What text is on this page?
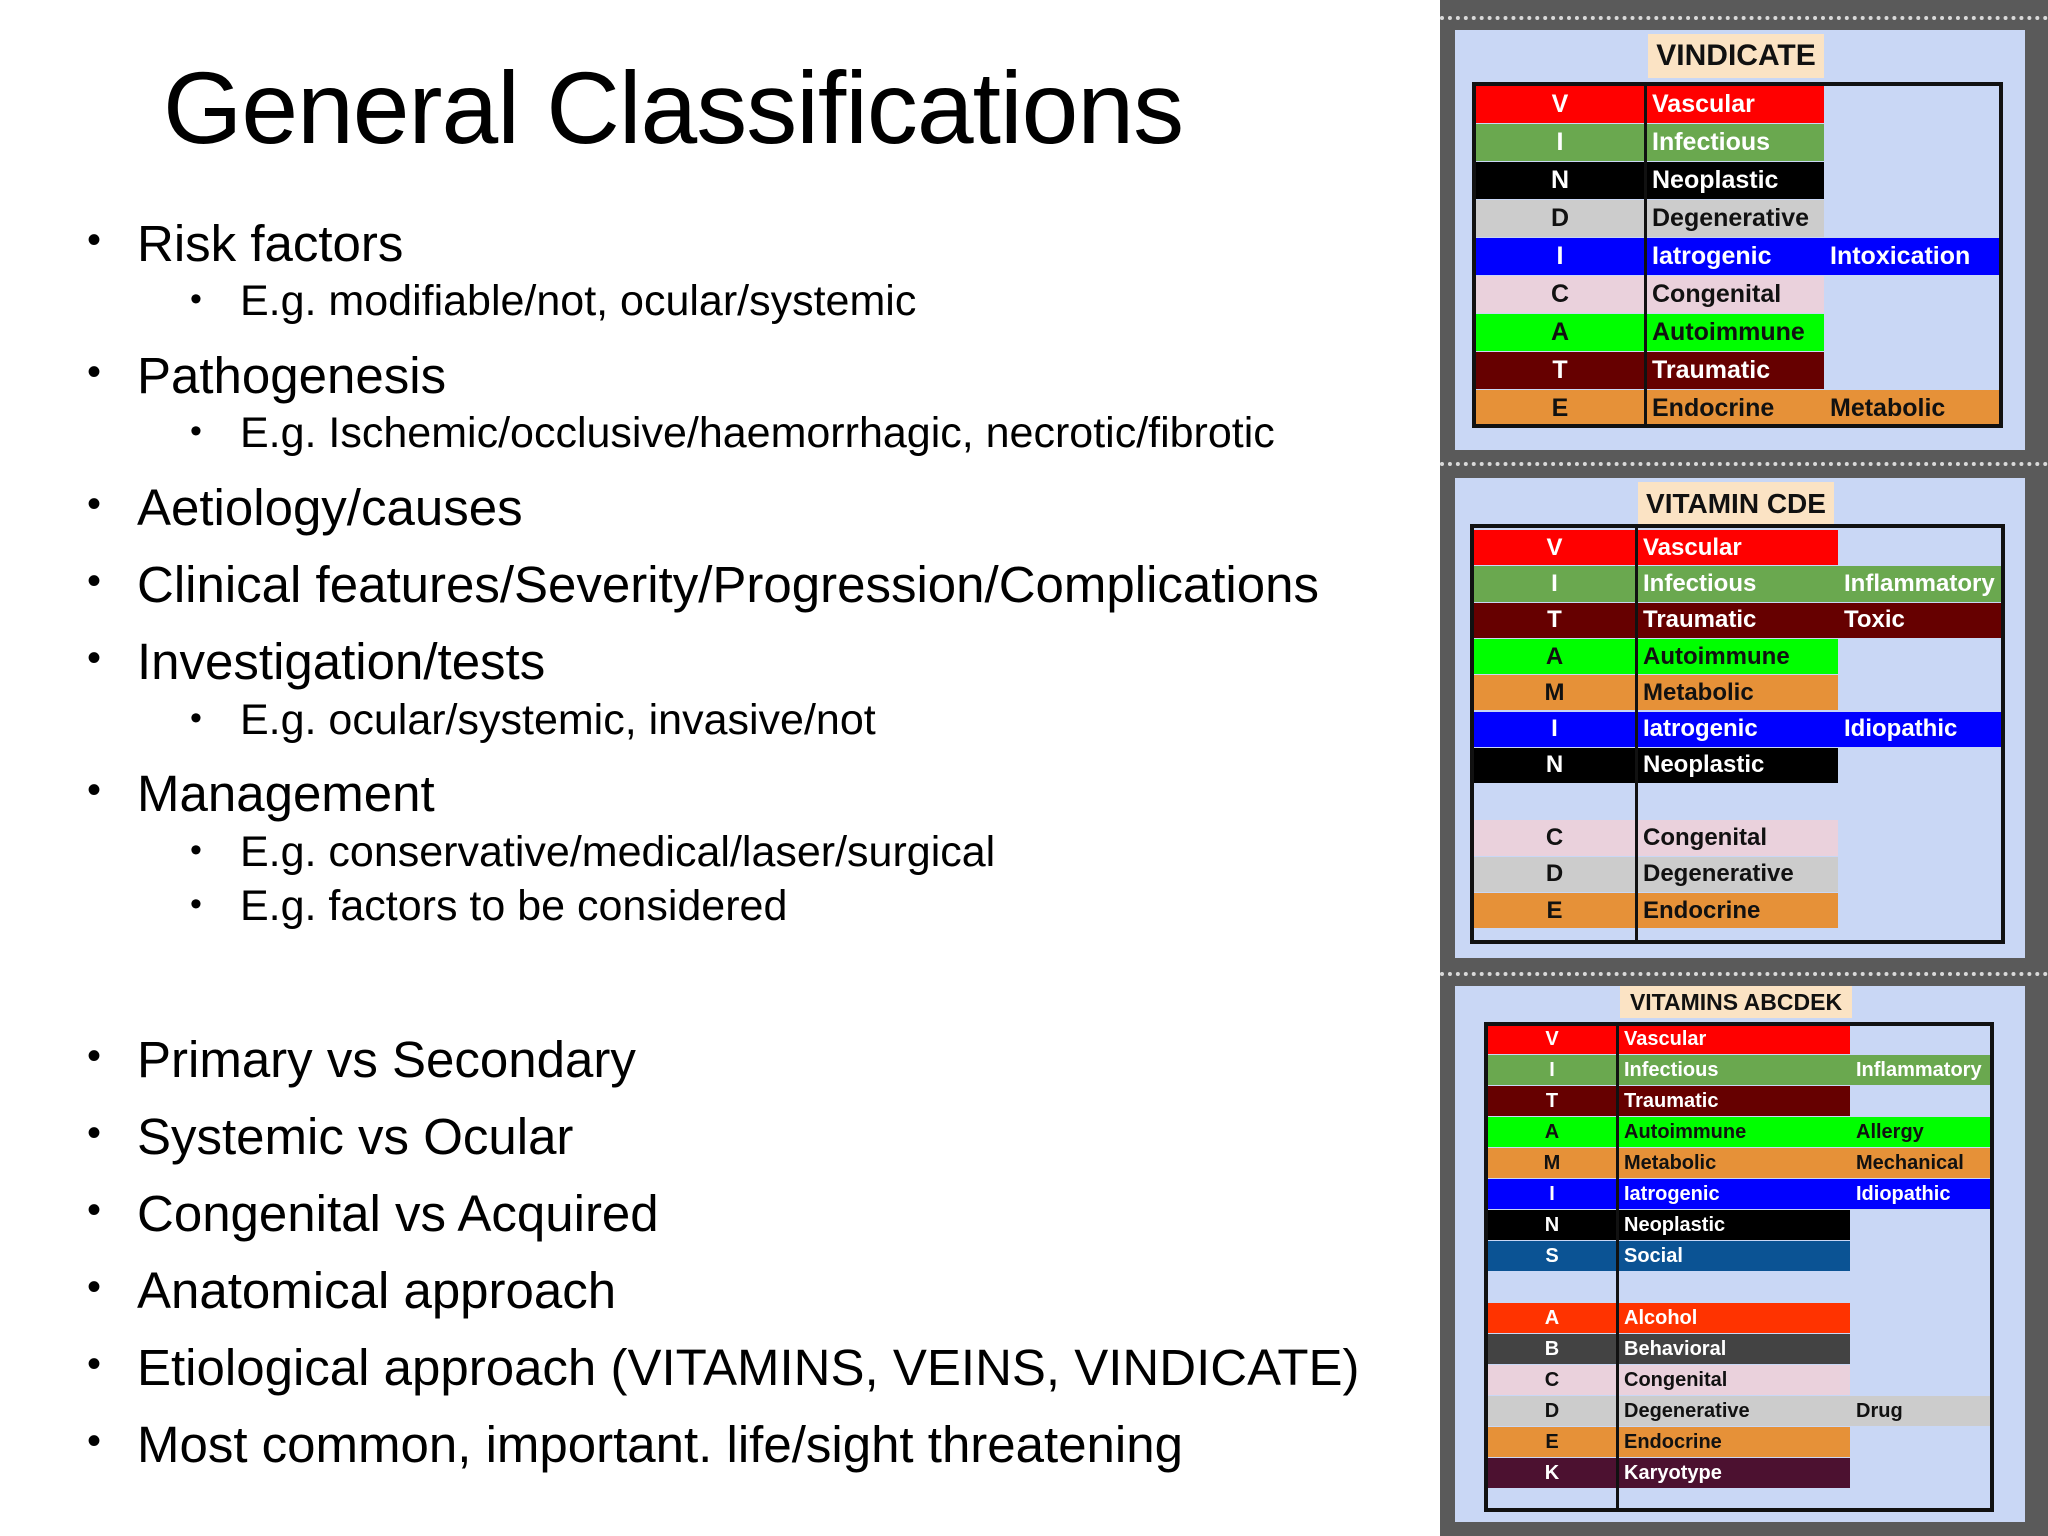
General Classifications
• Risk factors
• E.g. modifiable/not, ocular/systemic
• Pathogenesis
• E.g. Ischemic/occlusive/haemorrhagic, necrotic/fibrotic
• Aetiology/causes
• Clinical features/Severity/Progression/Complications
• Investigation/tests
• E.g. ocular/systemic, invasive/not
• Management
• E.g. conservative/medical/laser/surgical
• E.g. factors to be considered
• Primary vs Secondary
• Systemic vs Ocular
• Congenital vs Acquired
• Anatomical approach
• Etiological approach (VITAMINS, VEINS, VINDICATE)
• Most common, important. life/sight threatening
VINDICATE
V	Vascular
I	Infectious
N	Neoplastic
D	Degenerative
I	Iatrogenic	Intoxication
C	Congenital
A	Autoimmune
T	Traumatic
E	Endocrine	Metabolic
VITAMIN CDE
V	Vascular
I	Infectious	Inflammatory
T	Traumatic	Toxic
A	Autoimmune
M	Metabolic
I	Iatrogenic	Idiopathic
N	Neoplastic
C	Congenital
D	Degenerative
E	Endocrine
VITAMINS ABCDEK
V	Vascular
I	Infectious	Inflammatory
T	Traumatic
A	Autoimmune	Allergy
M	Metabolic	Mechanical
I	Iatrogenic	Idiopathic
N	Neoplastic
S	Social
A	Alcohol
B	Behavioral
C	Congenital
D	Degenerative	Drug
E	Endocrine
K	Karyotype
